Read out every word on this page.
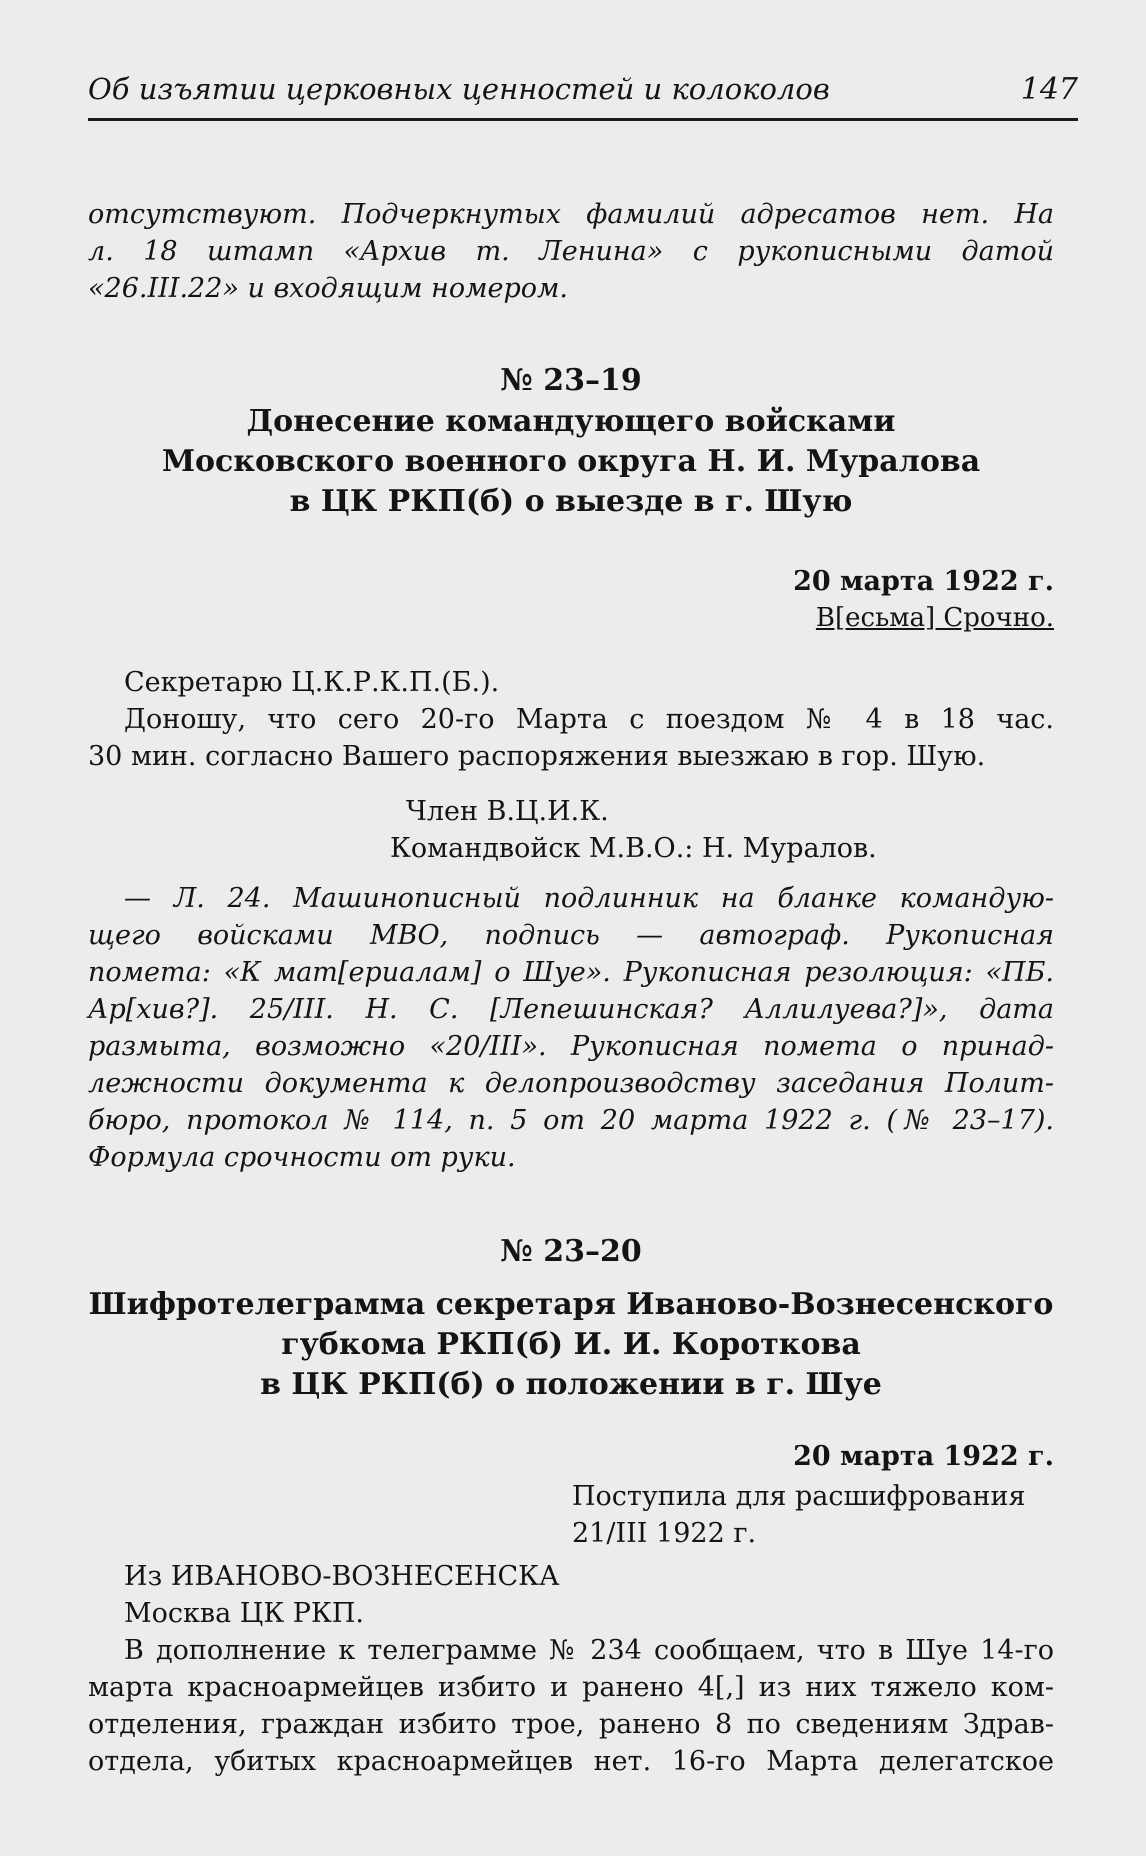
Об изъятии церковных ценностей и колоколов	147
отсутствуют. Подчеркнутых фамилий адресатов нет. На
л. 18 штамп «Архив т. Ленина» с рукописными датой
«26.III.22» и входящим номером.
№ 23–19
Донесение командующего войсками
Московского военного округа Н. И. Муралова
в ЦК РКП(б) о выезде в г. Шую
20 марта 1922 г.
В[есьма] Срочно.
Секретарю Ц.К.Р.К.П.(Б.).
Доношу, что сего 20-го Марта с поездом № 4 в 18 час.
30 мин. согласно Вашего распоряжения выезжаю в гор. Шую.
Член В.Ц.И.К.
Командвойск М.В.О.: Н. Муралов.
— Л. 24. Машинописный подлинник на бланке командую-
щего войсками МВО, подпись — автограф. Рукописная
помета: «К мат[ериалам] о Шуе». Рукописная резолюция: «ПБ.
Ар[хив?]. 25/III. Н. С. [Лепешинская? Аллилуева?]», дата
размыта, возможно «20/III». Рукописная помета о принад-
лежности документа к делопроизводству заседания Полит-
бюро, протокол № 114, п. 5 от 20 марта 1922 г. (№ 23–17).
Формула срочности от руки.
№ 23–20
Шифротелеграмма секретаря Иваново-Вознесенского
губкома РКП(б) И. И. Короткова
в ЦК РКП(б) о положении в г. Шуе
20 марта 1922 г.
Поступила для расшифрования
21/III 1922 г.
Из ИВАНОВО-ВОЗНЕСЕНСКА
Москва ЦК РКП.
В дополнение к телеграмме № 234 сообщаем, что в Шуе 14-го
марта красноармейцев избито и ранено 4[,] из них тяжело ком-
отделения, граждан избито трое, ранено 8 по сведениям Здрав-
отдела, убитых красноармейцев нет. 16-го Марта делегатское
